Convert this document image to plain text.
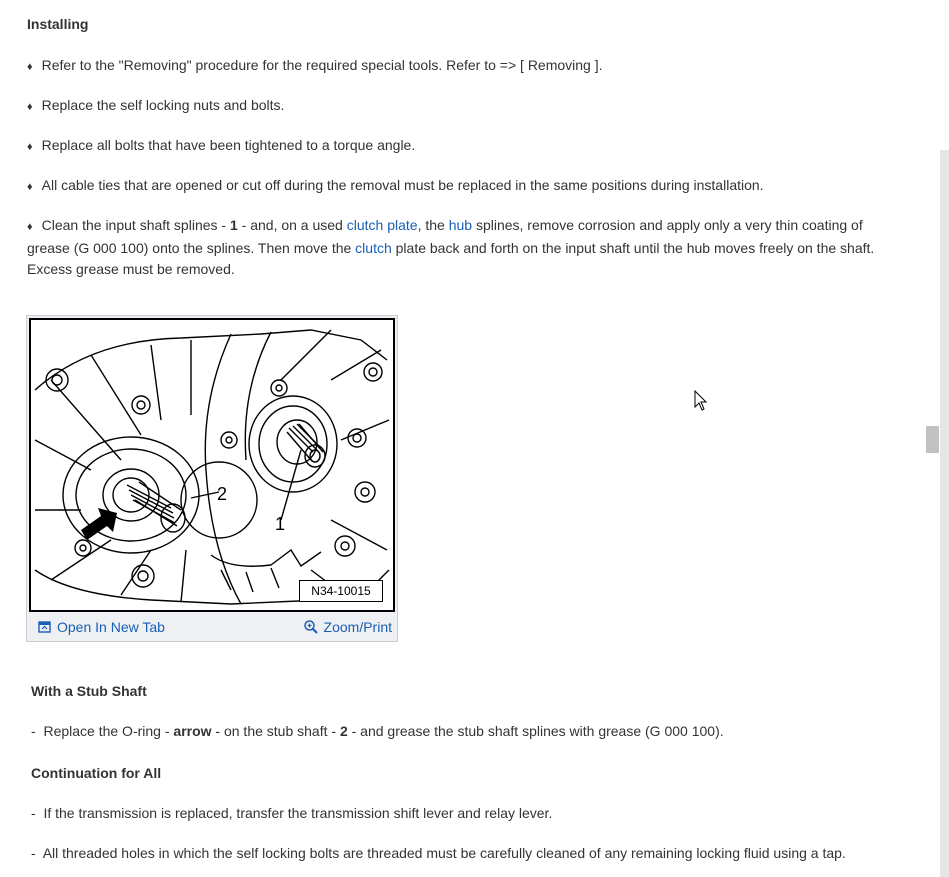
Installing
♦ Refer to the "Removing" procedure for the required special tools. Refer to => [ Removing ].
♦ Replace the self locking nuts and bolts.
♦ Replace all bolts that have been tightened to a torque angle.
♦ All cable ties that are opened or cut off during the removal must be replaced in the same positions during installation.
♦ Clean the input shaft splines - 1 - and, on a used clutch plate, the hub splines, remove corrosion and apply only a very thin coating of grease (G 000 100) onto the splines. Then move the clutch plate back and forth on the input shaft until the hub moves freely on the shaft. Excess grease must be removed.
2
1
N34-10015
Open In New Tab	Zoom/Print
With a Stub Shaft
- Replace the O-ring - arrow - on the stub shaft - 2 - and grease the stub shaft splines with grease (G 000 100).
Continuation for All
- If the transmission is replaced, transfer the transmission shift lever and relay lever.
- All threaded holes in which the self locking bolts are threaded must be carefully cleaned of any remaining locking fluid using a tap.
